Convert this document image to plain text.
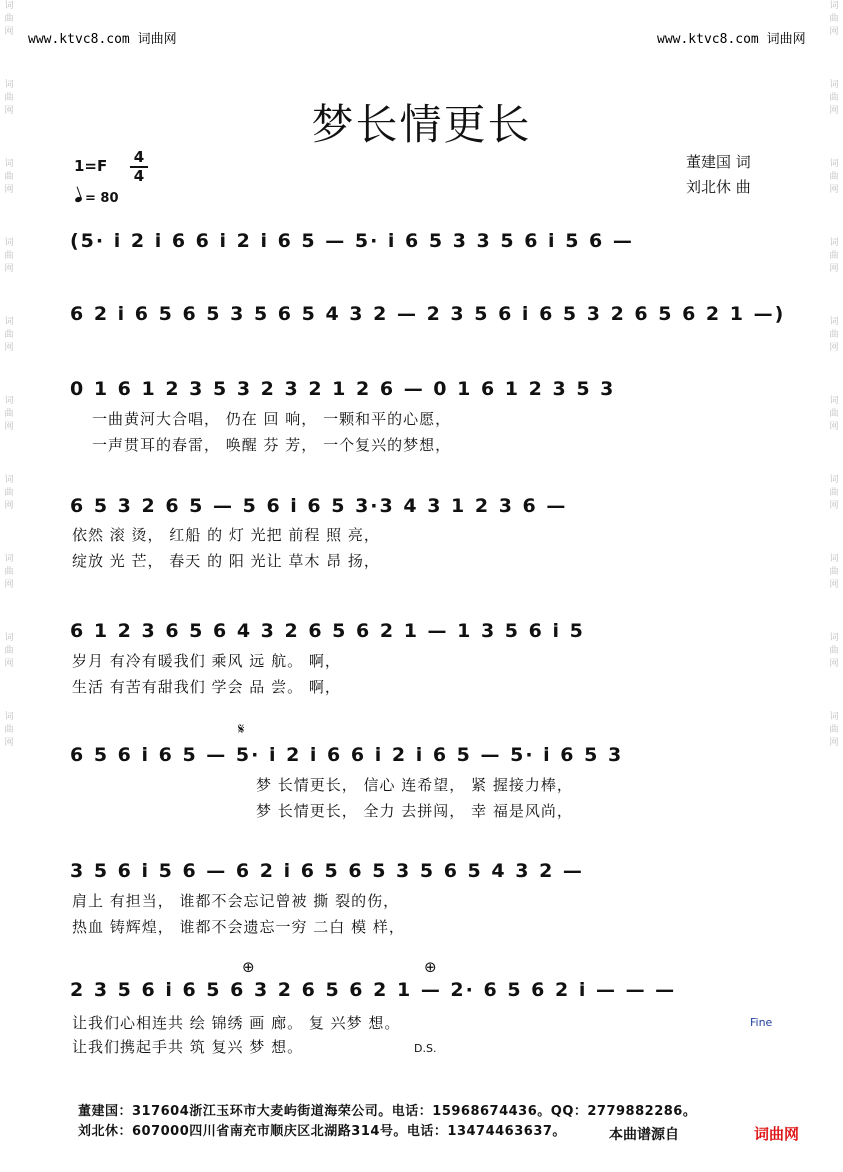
词
曲
网
词
曲
网
词
曲
网
词
曲
网
词
曲
网
词
曲
网
词
曲
网
词
曲
网
词
曲
网
词
曲
网
词
曲
网
词
曲
网
词
曲
网
词
曲
网
词
曲
网
词
曲
网
词
曲
网
词
曲
网
词
曲
网
词
曲
网
www.ktvc8.com 词曲网	www.ktvc8.com 词曲网
梦长情更长
1=F 4
4
= 80
董建国 词
刘北休 曲
(5· i 2 i 6 6 i 2 i 6 5 — 5· i 6 5 3 3 5 6 i 5 6 —
6 2 i 6 5 6 5 3 5 6 5 4 3 2 — 2 3 5 6 i 6 5 3 2 6 5 6 2 1 —)
0 1 6 1 2 3 5 3 2 3 2 1 2 6 — 0 1 6 1 2 3 5 3
一曲黄河大合唱， 仍在 回 响， 一颗和平的心愿，
一声贯耳的春雷， 唤醒 芬 芳， 一个复兴的梦想，
6 5 3 2 6 5 — 5 6 i 6 5 3·3 4 3 1 2 3 6 —
依然 滚 烫， 红船 的 灯 光把 前程 照 亮，
绽放 光 芒， 春天 的 阳 光让 草木 昂 扬，
6 1 2 3 6 5 6 4 3 2 6 5 6 2 1 — 1 3 5 6 i 5
岁月 有冷有暖我们 乘风 远 航。 啊，
生活 有苦有甜我们 学会 品 尝。 啊，
𝄋
6 5 6 i 6 5 — 5· i 2 i 6 6 i 2 i 6 5 — 5· i 6 5 3
梦 长情更长， 信心 连希望， 紧 握接力棒，
梦 长情更长， 全力 去拼闯， 幸 福是风尚，
3 5 6 i 5 6 — 6 2 i 6 5 6 5 3 5 6 5 4 3 2 —
肩上 有担当， 谁都不会忘记曾被 撕 裂的伤，
热血 铸辉煌， 谁都不会遗忘一穷 二白 模 样，
⊕	⊕
2 3 5 6 i 6 5 6 3 2 6 5 6 2 1 — 2· 6 5 6 2 i — — —
Fine
让我们心相连共 绘 锦绣 画 廊。 复 兴梦 想。
让我们携起手共 筑 复兴 梦 想。	D.S.
董建国：317604浙江玉环市大麦屿街道海荣公司。电话：15968674436。QQ：2779882286。
刘北休：607000四川省南充市顺庆区北湖路314号。电话：13474463637。	本曲谱源自	词曲网
